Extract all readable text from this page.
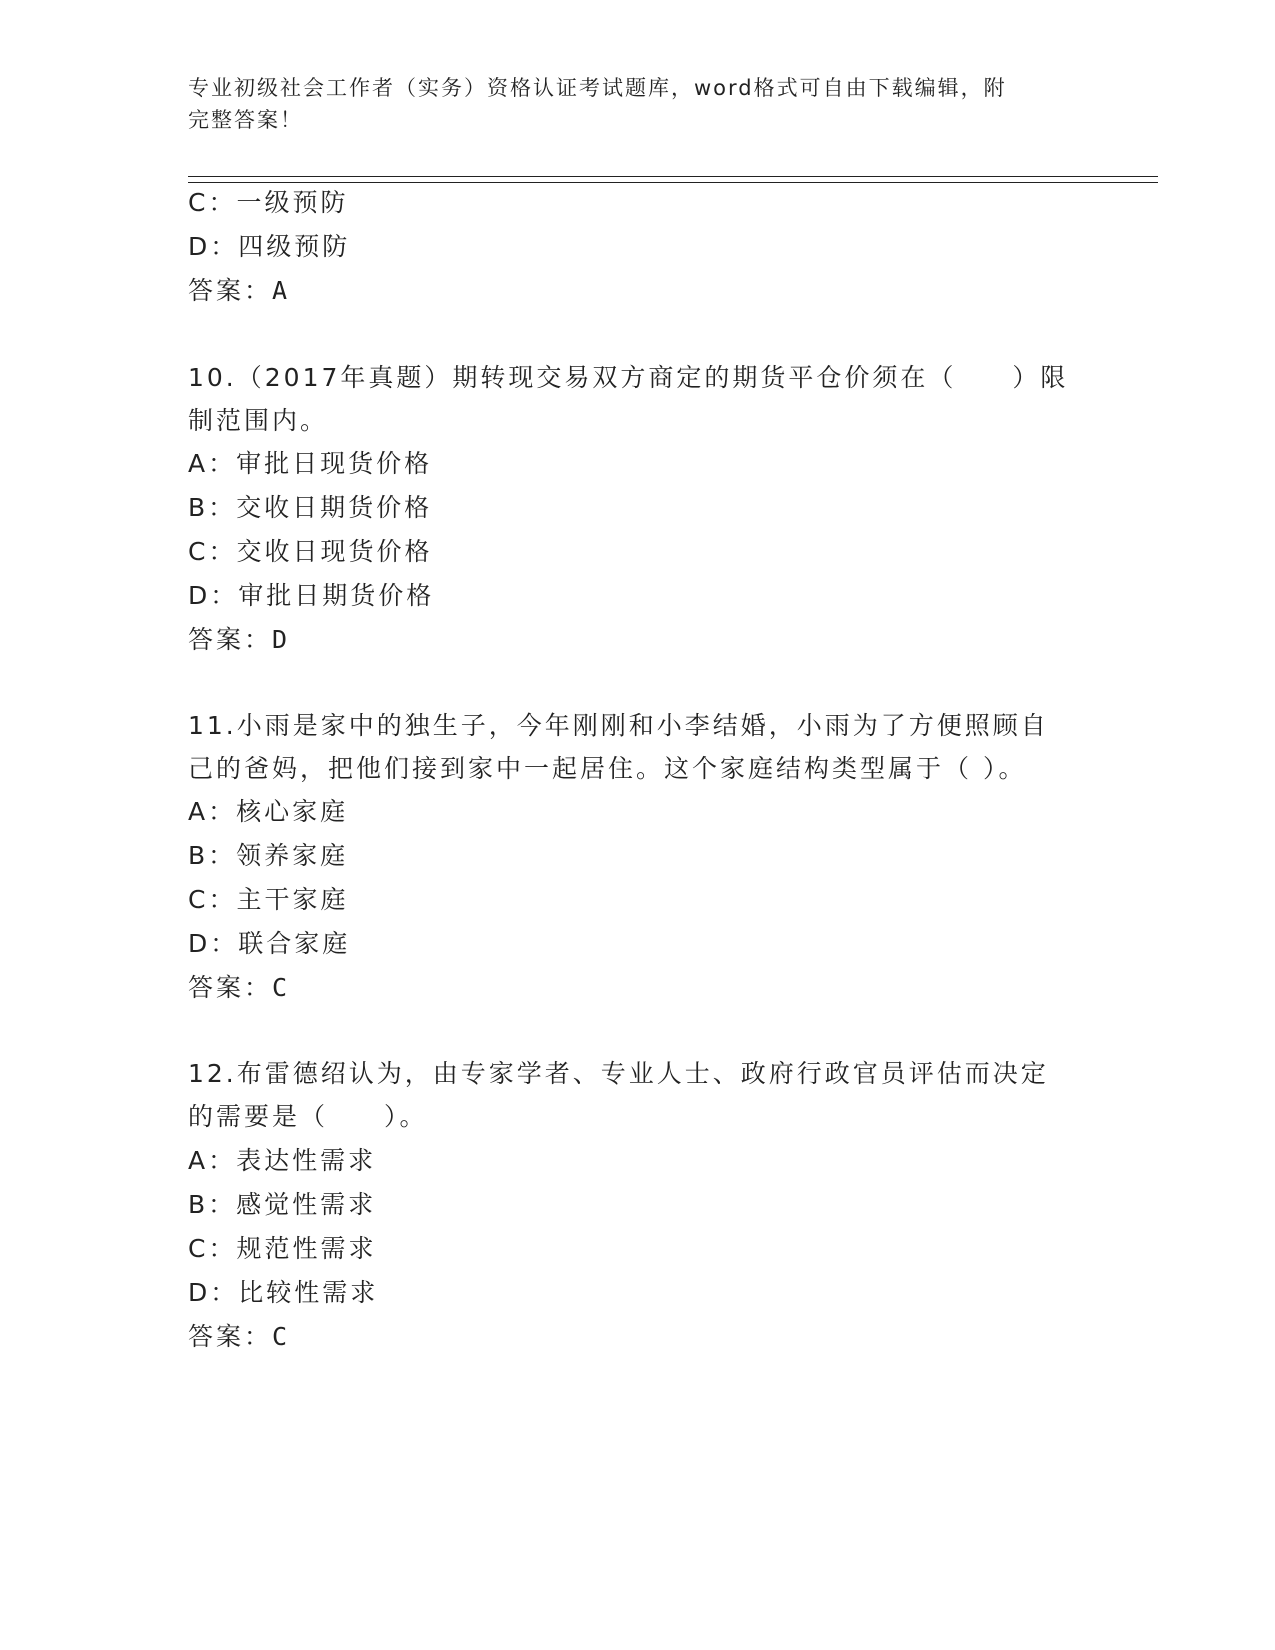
专业初级社会工作者（实务）资格认证考试题库，word格式可自由下载编辑，附
完整答案！
C：一级预防
D：四级预防
答案：A
10.（2017年真题）期转现交易双方商定的期货平仓价须在（　　）限
制范围内。
A：审批日现货价格
B：交收日期货价格
C：交收日现货价格
D：审批日期货价格
答案：D
11.小雨是家中的独生子，今年刚刚和小李结婚，小雨为了方便照顾自
己的爸妈，把他们接到家中一起居住。这个家庭结构类型属于（ ）。
A：核心家庭
B：领养家庭
C：主干家庭
D：联合家庭
答案：C
12.布雷德绍认为，由专家学者、专业人士、政府行政官员评估而决定
的需要是（　　）。
A：表达性需求
B：感觉性需求
C：规范性需求
D：比较性需求
答案：C
